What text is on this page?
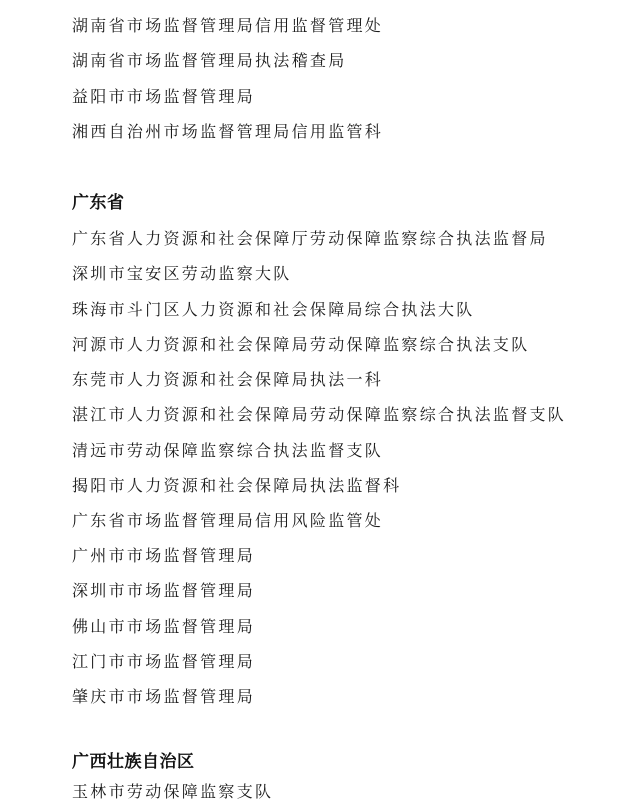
湖南省市场监督管理局信用监督管理处
湖南省市场监督管理局执法稽查局
益阳市市场监督管理局
湘西自治州市场监督管理局信用监管科
广东省
广东省人力资源和社会保障厅劳动保障监察综合执法监督局
深圳市宝安区劳动监察大队
珠海市斗门区人力资源和社会保障局综合执法大队
河源市人力资源和社会保障局劳动保障监察综合执法支队
东莞市人力资源和社会保障局执法一科
湛江市人力资源和社会保障局劳动保障监察综合执法监督支队
清远市劳动保障监察综合执法监督支队
揭阳市人力资源和社会保障局执法监督科
广东省市场监督管理局信用风险监管处
广州市市场监督管理局
深圳市市场监督管理局
佛山市市场监督管理局
江门市市场监督管理局
肇庆市市场监督管理局
广西壮族自治区
玉林市劳动保障监察支队
